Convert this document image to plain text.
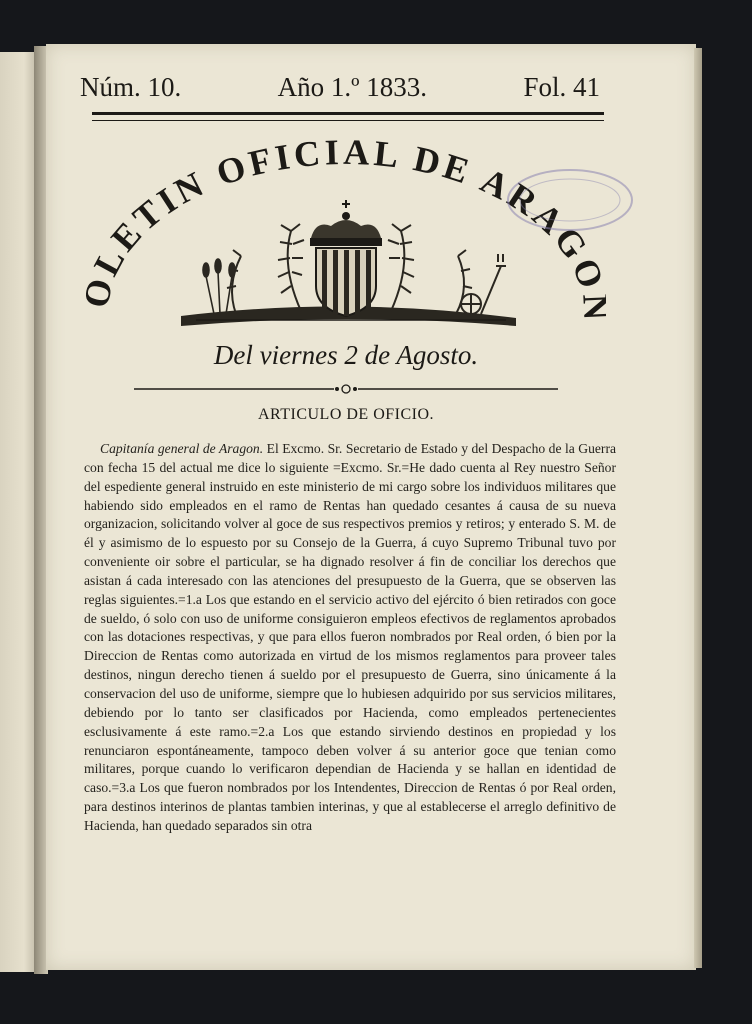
Núm. 10.	Año 1.º 1833.	Fol. 41
LETIN OFICIAL DE ARAG
Del viernes 2 de Agosto.
ARTICULO DE OFICIO.

Capitanía general de Aragon. El Excmo. Sr. Secretario de Estado y del Despacho de la Guerra con fecha 15 del actual me dice lo siguiente =Excmo. Sr.=He dado cuenta al Rey nuestro Señor del espediente general instruido en este ministerio de mi cargo sobre los individuos militares que habiendo sido empleados en el ramo de Rentas han quedado cesantes á causa de su nueva organizacion, solicitando volver al goce de sus respectivos premios y retiros; y enterado S. M. de él y asimismo de lo espuesto por su Consejo de la Guerra, á cuyo Supremo Tribunal tuvo por conveniente oir sobre el particular, se ha dignado resolver á fin de conciliar los derechos que asistan á cada interesado con las atenciones del presupuesto de la Guerra, que se observen las reglas siguientes.=1.a Los que estando en el servicio activo del ejército ó bien retirados con goce de sueldo, ó solo con uso de uniforme consiguieron empleos efectivos de reglamentos aprobados con las dotaciones respectivas, y que para ellos fueron nombrados por Real orden, ó bien por la Direccion de Rentas como autorizada en virtud de los mismos reglamentos para proveer tales destinos, ningun derecho tienen á sueldo por el presupuesto de Guerra, sino únicamente á la conservacion del uso de uniforme, siempre que lo hubiesen adquirido por sus servicios militares, debiendo por lo tanto ser clasificados por Hacienda, como empleados pertenecientes esclusivamente á este ramo.=2.a Los que estando sirviendo destinos en propiedad y los renunciaron espontáneamente, tampoco deben volver á su anterior goce que tenian como militares, porque cuando lo verificaron dependian de Hacienda y se hallan en identidad de caso.=3.a Los que fueron nombrados por los Intendentes, Direccion de Rentas ó por Real orden, para destinos interinos de plantas tambien interinas, y que al establecerse el arreglo definitivo de Hacienda, han quedado separados sin otra
